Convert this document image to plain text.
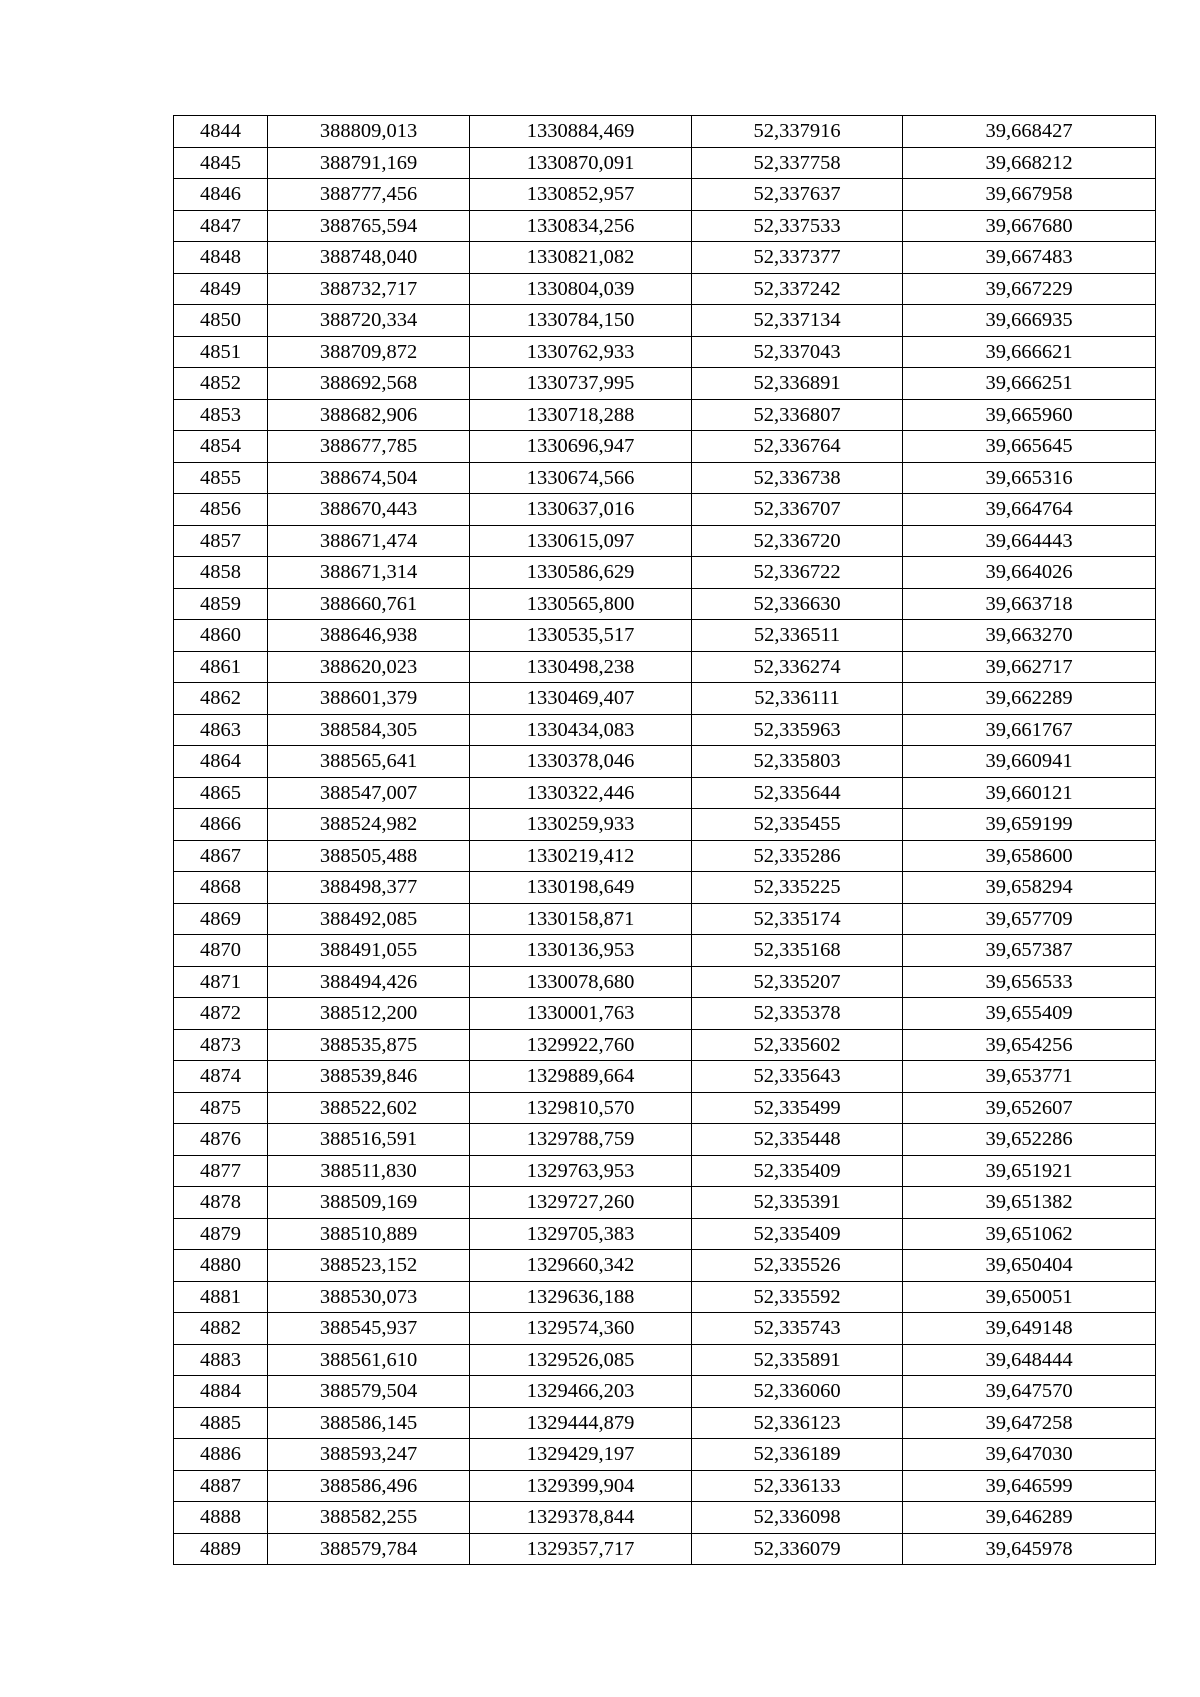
4844	388809,013	1330884,469	52,337916	39,668427
4845	388791,169	1330870,091	52,337758	39,668212
4846	388777,456	1330852,957	52,337637	39,667958
4847	388765,594	1330834,256	52,337533	39,667680
4848	388748,040	1330821,082	52,337377	39,667483
4849	388732,717	1330804,039	52,337242	39,667229
4850	388720,334	1330784,150	52,337134	39,666935
4851	388709,872	1330762,933	52,337043	39,666621
4852	388692,568	1330737,995	52,336891	39,666251
4853	388682,906	1330718,288	52,336807	39,665960
4854	388677,785	1330696,947	52,336764	39,665645
4855	388674,504	1330674,566	52,336738	39,665316
4856	388670,443	1330637,016	52,336707	39,664764
4857	388671,474	1330615,097	52,336720	39,664443
4858	388671,314	1330586,629	52,336722	39,664026
4859	388660,761	1330565,800	52,336630	39,663718
4860	388646,938	1330535,517	52,336511	39,663270
4861	388620,023	1330498,238	52,336274	39,662717
4862	388601,379	1330469,407	52,336111	39,662289
4863	388584,305	1330434,083	52,335963	39,661767
4864	388565,641	1330378,046	52,335803	39,660941
4865	388547,007	1330322,446	52,335644	39,660121
4866	388524,982	1330259,933	52,335455	39,659199
4867	388505,488	1330219,412	52,335286	39,658600
4868	388498,377	1330198,649	52,335225	39,658294
4869	388492,085	1330158,871	52,335174	39,657709
4870	388491,055	1330136,953	52,335168	39,657387
4871	388494,426	1330078,680	52,335207	39,656533
4872	388512,200	1330001,763	52,335378	39,655409
4873	388535,875	1329922,760	52,335602	39,654256
4874	388539,846	1329889,664	52,335643	39,653771
4875	388522,602	1329810,570	52,335499	39,652607
4876	388516,591	1329788,759	52,335448	39,652286
4877	388511,830	1329763,953	52,335409	39,651921
4878	388509,169	1329727,260	52,335391	39,651382
4879	388510,889	1329705,383	52,335409	39,651062
4880	388523,152	1329660,342	52,335526	39,650404
4881	388530,073	1329636,188	52,335592	39,650051
4882	388545,937	1329574,360	52,335743	39,649148
4883	388561,610	1329526,085	52,335891	39,648444
4884	388579,504	1329466,203	52,336060	39,647570
4885	388586,145	1329444,879	52,336123	39,647258
4886	388593,247	1329429,197	52,336189	39,647030
4887	388586,496	1329399,904	52,336133	39,646599
4888	388582,255	1329378,844	52,336098	39,646289
4889	388579,784	1329357,717	52,336079	39,645978
